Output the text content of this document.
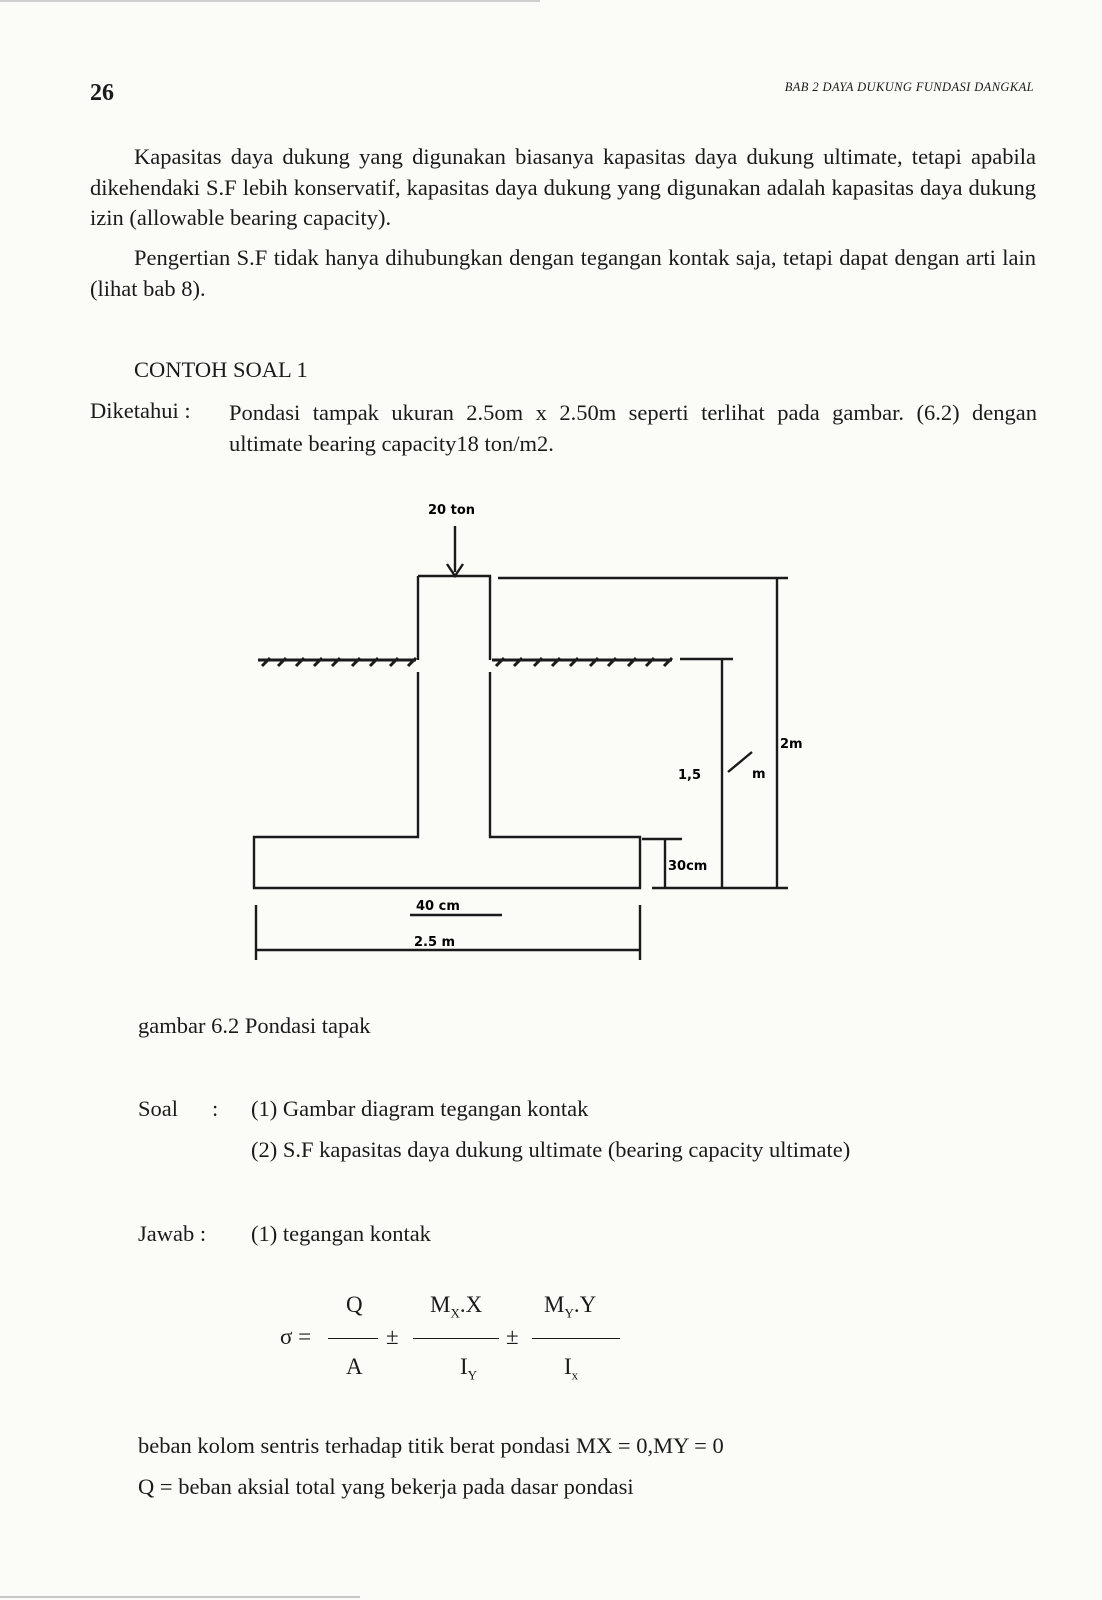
26	BAB 2 DAYA DUKUNG FUNDASI DANGKAL

Kapasitas daya dukung yang digunakan biasanya kapasitas daya dukung ultimate, tetapi apabila dikehendaki S.F lebih konservatif, kapasitas daya dukung yang digunakan adalah kapasitas daya dukung izin (allowable bearing capacity).

Pengertian S.F tidak hanya dihubungkan dengan tegangan kontak saja, tetapi dapat dengan arti lain (lihat bab 8).

CONTOH SOAL 1
Diketahui : Pondasi tampak ukuran 2.5om x 2.50m seperti terlihat pada gambar. (6.2) dengan ultimate bearing capacity18 ton/m2.

20 ton
1,5	m
2m
30cm
40 cm
2.5 m
gambar 6.2 Pondasi tapak
Soal : (1) Gambar diagram tegangan kontak
(2) S.F kapasitas daya dukung ultimate (bearing capacity ultimate)
Jawab : (1) tegangan kontak
σ =
Q
A
±
$M_X.X$
$I_Y$
±
$M_Y.Y$
$I_x$
beban kolom sentris terhadap titik berat pondasi MX = 0,MY = 0
Q = beban aksial total yang bekerja pada dasar pondasi
